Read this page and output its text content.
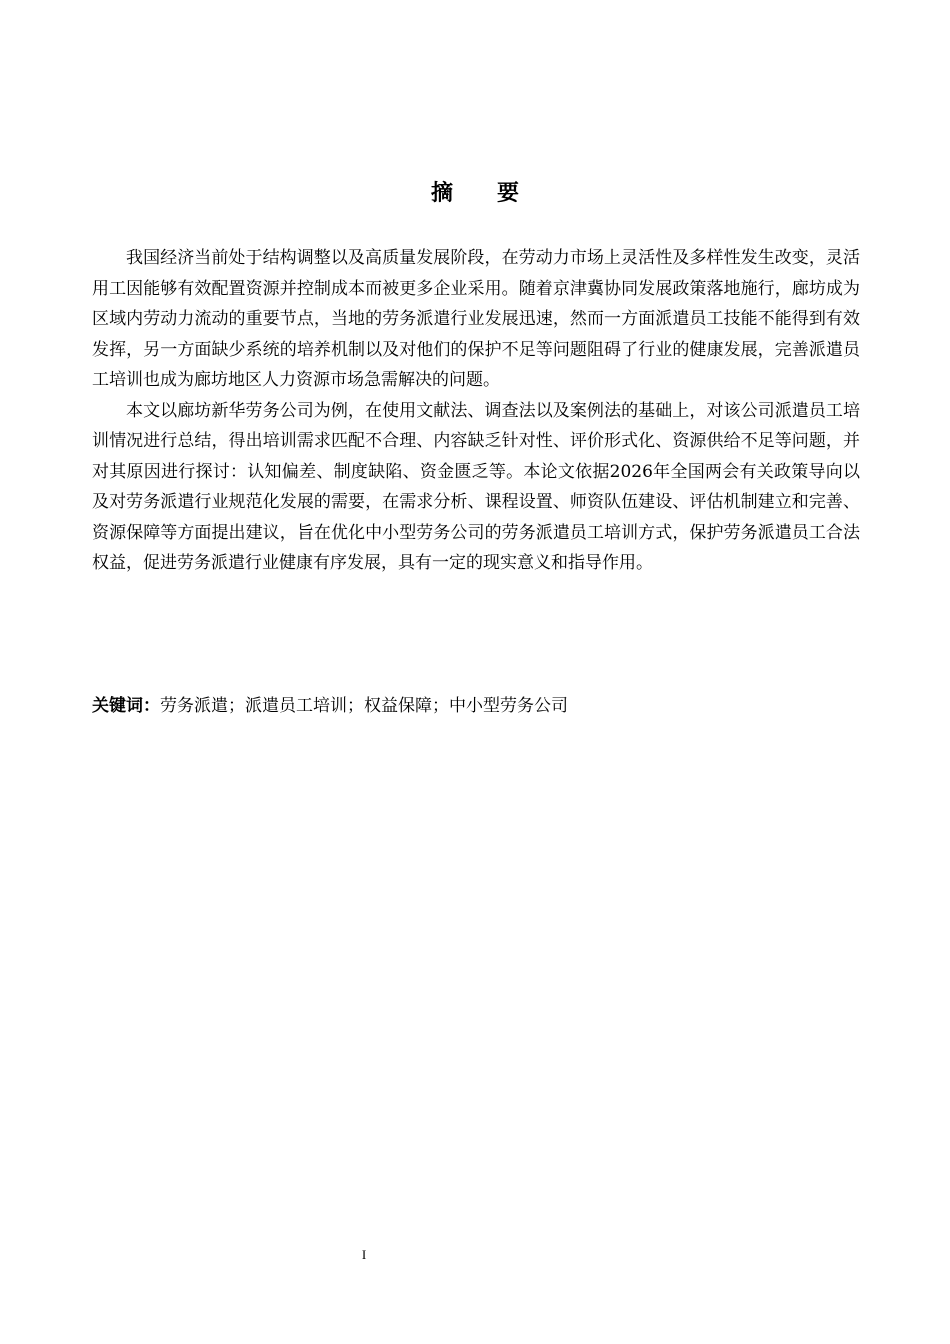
摘要

我国经济当前处于结构调整以及高质量发展阶段，在劳动力市场上灵活性及多样性发生改变，灵活用工因能够有效配置资源并控制成本而被更多企业采用。随着京津冀协同发展政策落地施行，廊坊成为区域内劳动力流动的重要节点，当地的劳务派遣行业发展迅速，然而一方面派遣员工技能不能得到有效发挥，另一方面缺少系统的培养机制以及对他们的保护不足等问题阻碍了行业的健康发展，完善派遣员工培训也成为廊坊地区人力资源市场急需解决的问题。

本文以廊坊新华劳务公司为例，在使用文献法、调查法以及案例法的基础上，对该公司派遣员工培训情况进行总结，得出培训需求匹配不合理、内容缺乏针对性、评价形式化、资源供给不足等问题，并对其原因进行探讨：认知偏差、制度缺陷、资金匮乏等。本论文依据2026年全国两会有关政策导向以及对劳务派遣行业规范化发展的需要，在需求分析、课程设置、师资队伍建设、评估机制建立和完善、资源保障等方面提出建议，旨在优化中小型劳务公司的劳务派遣员工培训方式，保护劳务派遣员工合法权益，促进劳务派遣行业健康有序发展，具有一定的现实意义和指导作用。

关键词：劳务派遣；派遣员工培训；权益保障；中小型劳务公司
I
